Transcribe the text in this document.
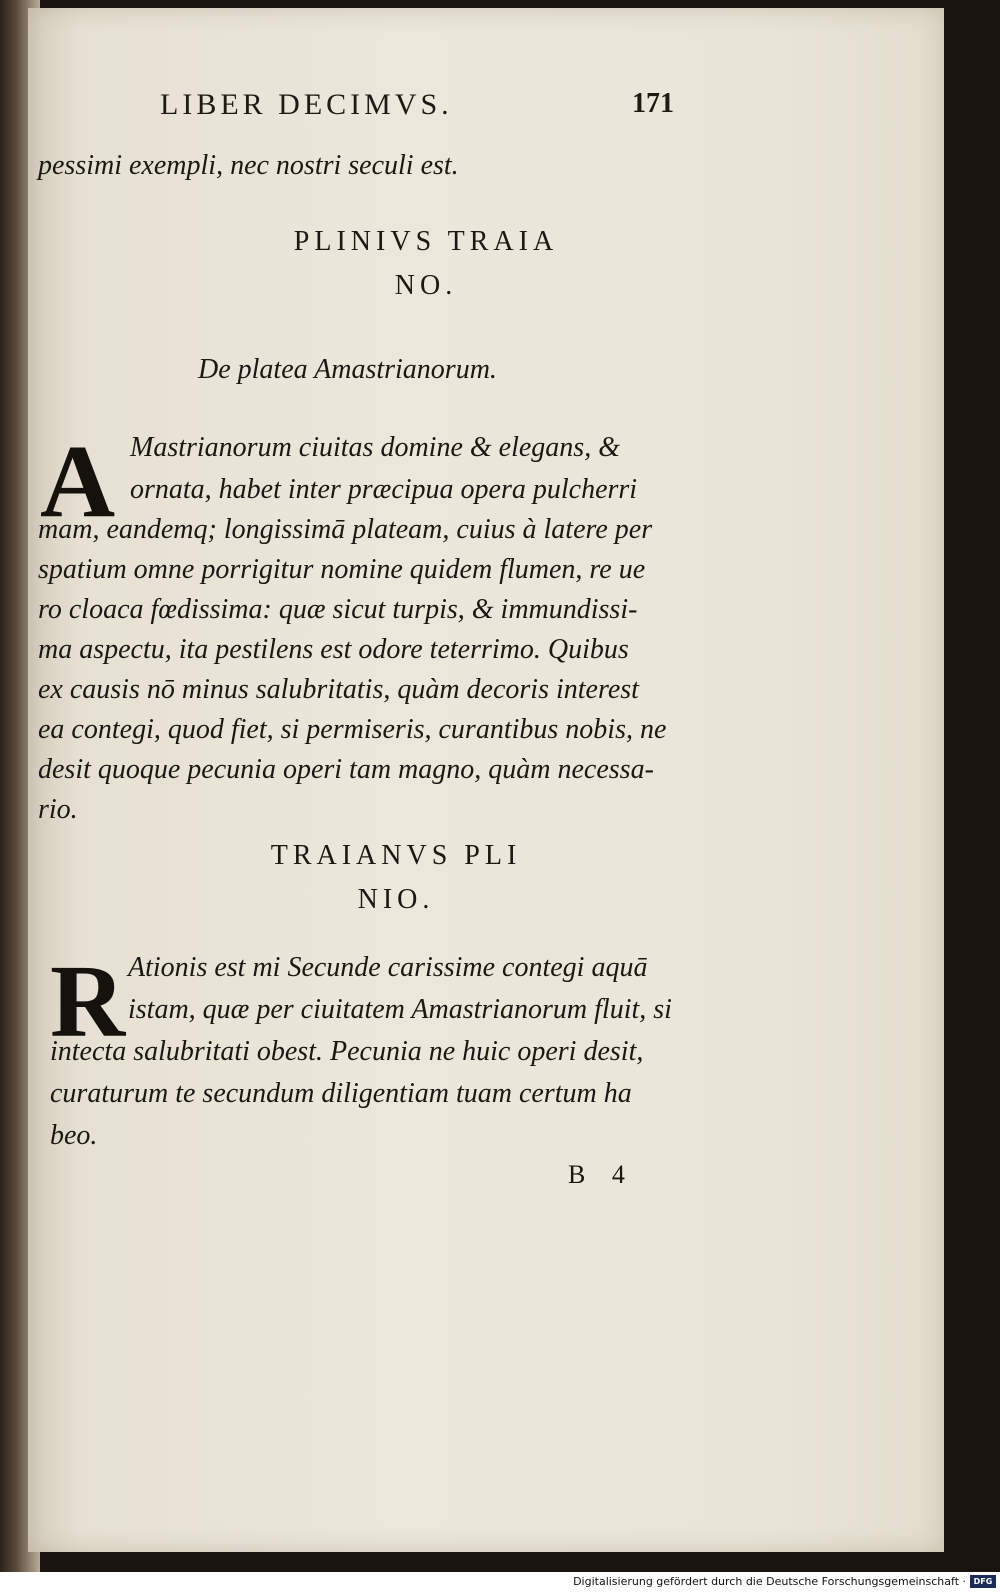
LIBER DECIMVS.	171
pessimi exempli, nec nostri seculi est.
PLINIVS TRAIA
NO.
De platea Amastrianorum.
A Mastrianorum ciuitas domine & elegans, &
ornata, habet inter præcipua opera pulcherri
mam, eandemq; longissimā plateam, cuius à latere per
spatium omne porrigitur nomine quidem flumen, re ue
ro cloaca fœdissima: quæ sicut turpis, & immundissi-
ma aspectu, ita pestilens est odore teterrimo. Quibus
ex causis nō minus salubritatis, quàm decoris interest
ea contegi, quod fiet, si permiseris, curantibus nobis, ne
desit quoque pecunia operi tam magno, quàm necessa-
rio.
TRAIANVS PLI
NIO.
R Ationis est mi Secunde carissime contegi aquā
istam, quæ per ciuitatem Amastrianorum fluit, si
intecta salubritati obest. Pecunia ne huic operi desit,
curaturum te secundum diligentiam tuam certum ha
beo.
B 4
Digitalisierung gefördert durch die Deutsche Forschungsgemeinschaft · DFG
